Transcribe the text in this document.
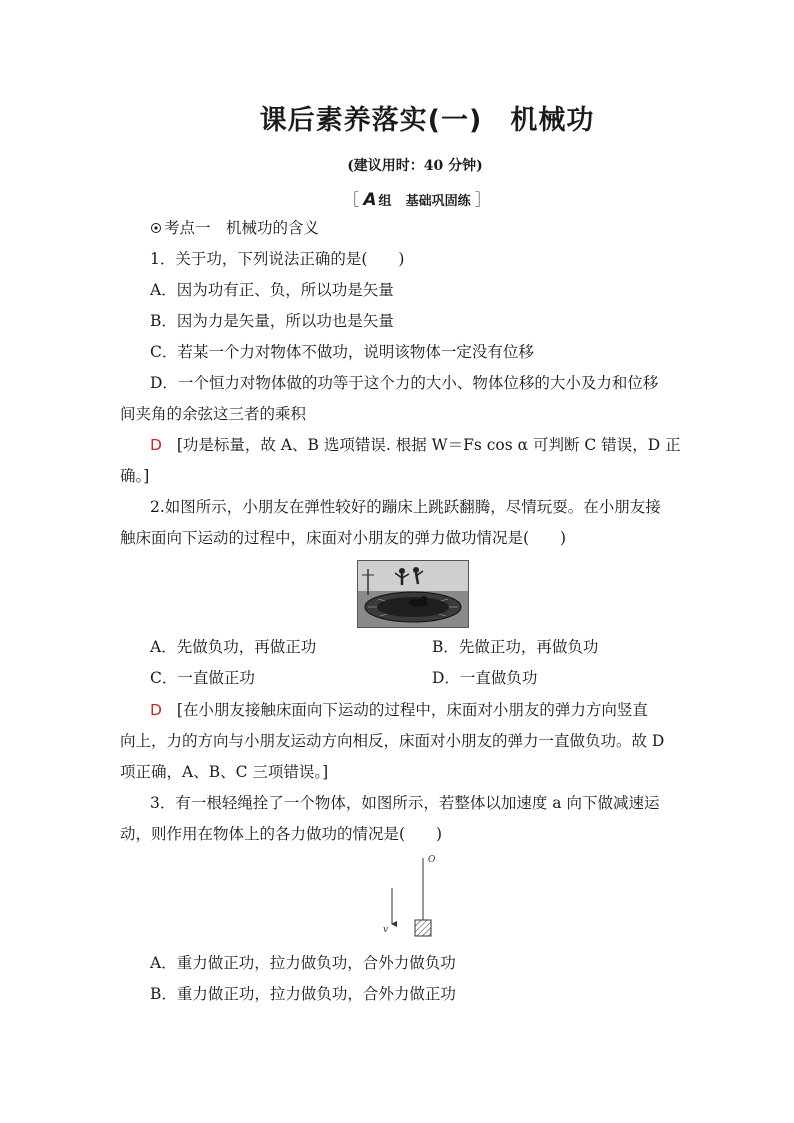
课后素养落实(一)　机械功
(建议用时：40 分钟)
［ A 组 基础巩固练 ］
考点一　机械功的含义
1．关于功，下列说法正确的是(　　)
A．因为功有正、负，所以功是矢量
B．因为力是矢量，所以功也是矢量
C．若某一个力对物体不做功，说明该物体一定没有位移
D．一个恒力对物体做的功等于这个力的大小、物体位移的大小及力和位移
间夹角的余弦这三者的乘积
D [功是标量，故 A、B 选项错误. 根据 W＝Fs cos α 可判断 C 错误，D 正
确。]
2.如图所示，小朋友在弹性较好的蹦床上跳跃翻腾，尽情玩耍。在小朋友接
触床面向下运动的过程中，床面对小朋友的弹力做功情况是(　　)
A．先做负功，再做正功	B．先做正功，再做负功
C．一直做正功	D．一直做负功
D [在小朋友接触床面向下运动的过程中，床面对小朋友的弹力方向竖直
向上，力的方向与小朋友运动方向相反，床面对小朋友的弹力一直做负功。故 D
项正确，A、B、C 三项错误。]
3．有一根轻绳拴了一个物体，如图所示，若整体以加速度 a 向下做减速运
动，则作用在物体上的各力做功的情况是(　　)
O
v
A．重力做正功，拉力做负功，合外力做负功
B．重力做正功，拉力做负功，合外力做正功
